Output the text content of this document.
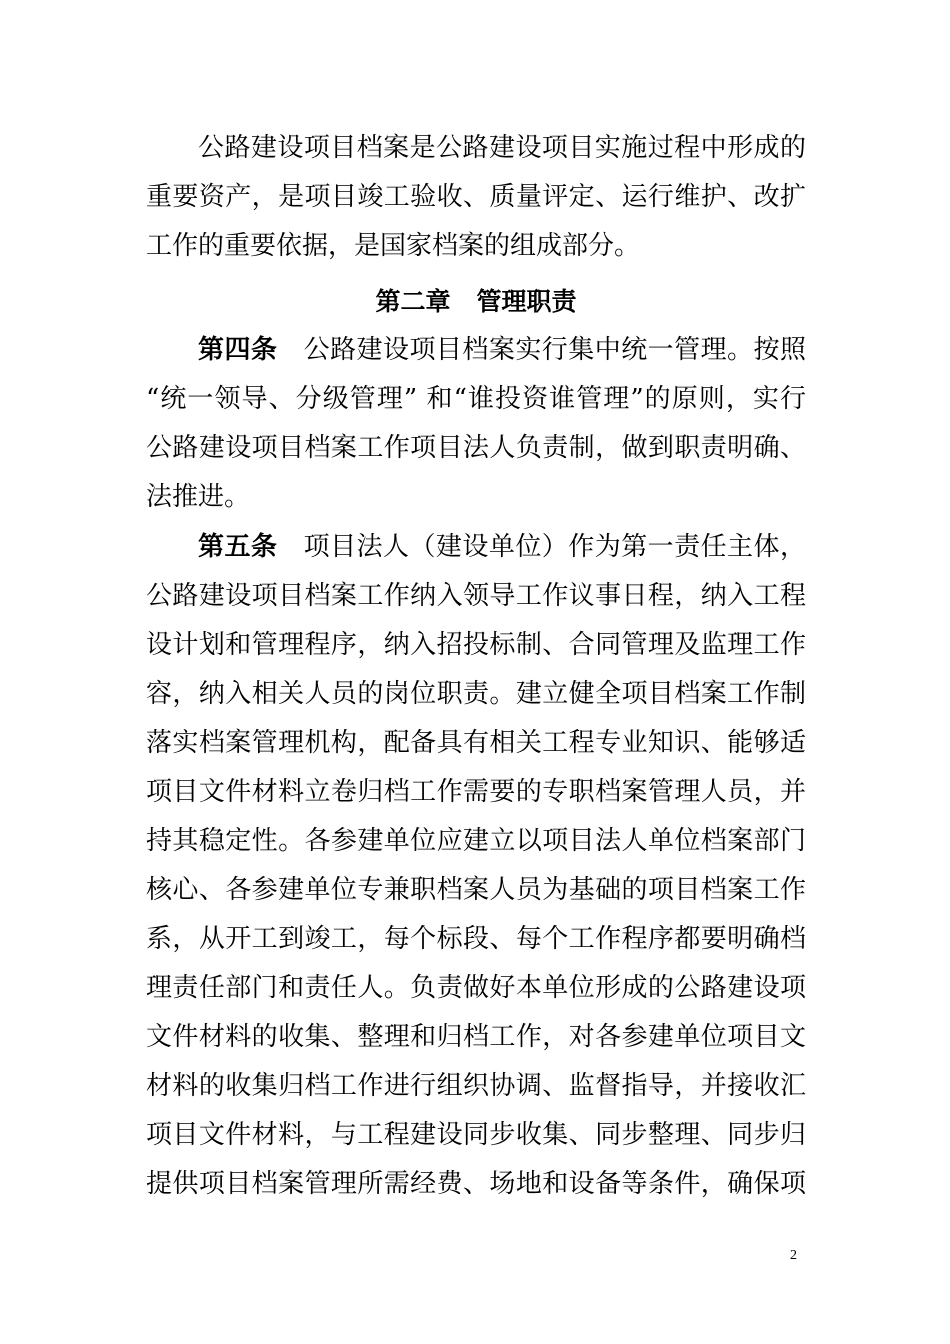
公路建设项目档案是公路建设项目实施过程中形成的
重要资产，是项目竣工验收、质量评定、运行维护、改扩
工作的重要依据，是国家档案的组成部分。
第二章 管理职责
第四条 公路建设项目档案实行集中统一管理。按照
“统一领导、分级管理” 和“谁投资谁管理”的原则，实行
公路建设项目档案工作项目法人负责制，做到职责明确、
法推进。
第五条 项目法人（建设单位）作为第一责任主体，
公路建设项目档案工作纳入领导工作议事日程，纳入工程
设计划和管理程序，纳入招投标制、合同管理及监理工作
容，纳入相关人员的岗位职责。建立健全项目档案工作制
落实档案管理机构，配备具有相关工程专业知识、能够适
项目文件材料立卷归档工作需要的专职档案管理人员，并
持其稳定性。各参建单位应建立以项目法人单位档案部门
核心、各参建单位专兼职档案人员为基础的项目档案工作
系，从开工到竣工，每个标段、每个工作程序都要明确档
理责任部门和责任人。负责做好本单位形成的公路建设项
文件材料的收集、整理和归档工作，对各参建单位项目文
材料的收集归档工作进行组织协调、监督指导，并接收汇
项目文件材料，与工程建设同步收集、同步整理、同步归
提供项目档案管理所需经费、场地和设备等条件，确保项
2
